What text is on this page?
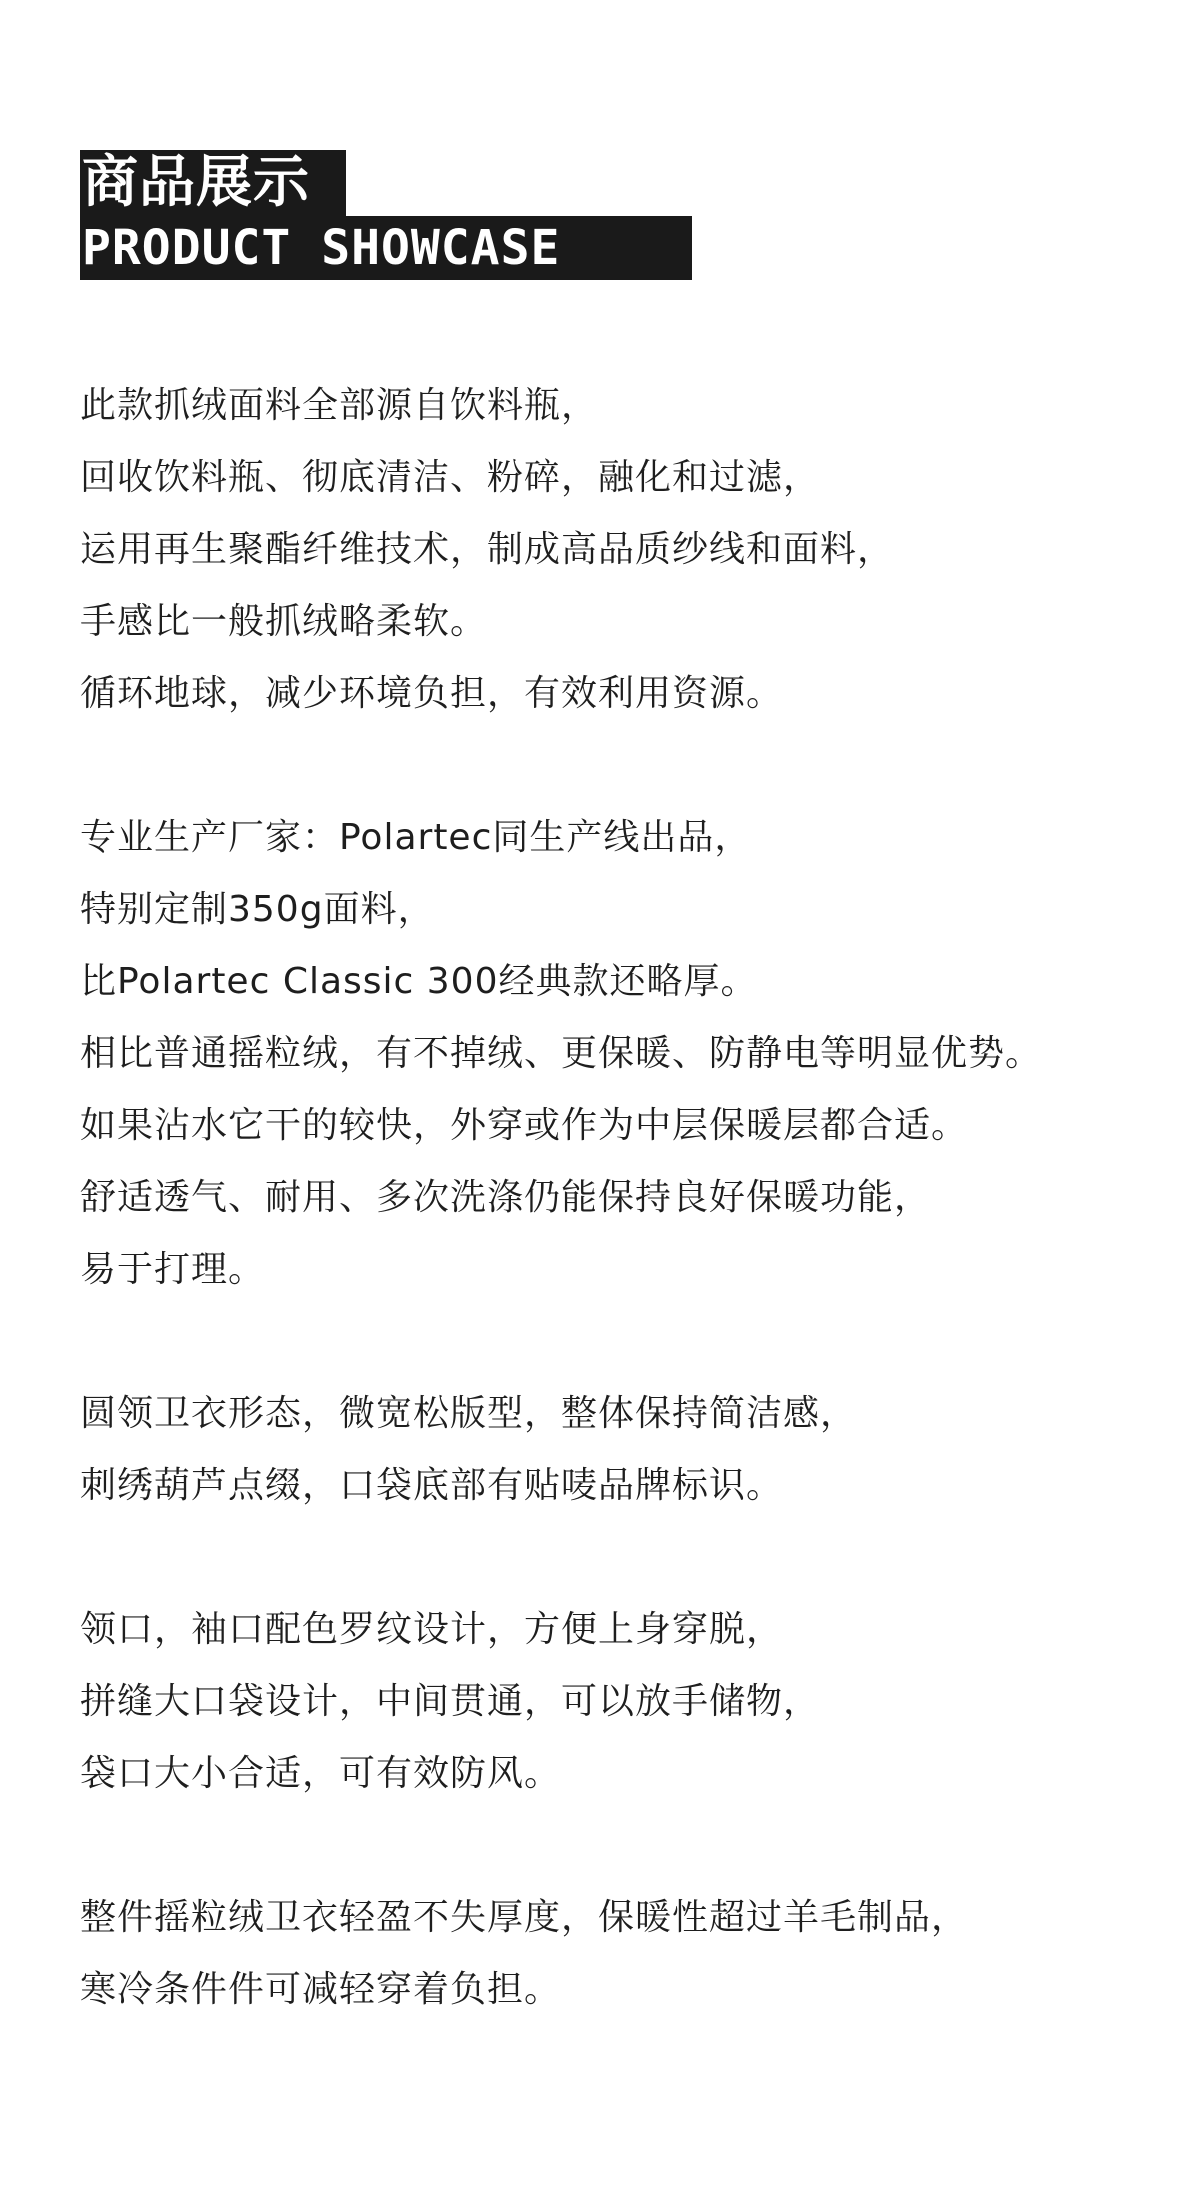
商品展示
PRODUCT SHOWCASE
此款抓绒面料全部源自饮料瓶，
回收饮料瓶、彻底清洁、粉碎，融化和过滤，
运用再生聚酯纤维技术，制成高品质纱线和面料，
手感比一般抓绒略柔软。
循环地球，减少环境负担，有效利用资源。
专业生产厂家：Polartec同生产线出品，
特别定制350g面料，
比Polartec Classic 300经典款还略厚。
相比普通摇粒绒，有不掉绒、更保暖、防静电等明显优势。
如果沾水它干的较快，外穿或作为中层保暖层都合适。
舒适透气、耐用、多次洗涤仍能保持良好保暖功能，
易于打理。
圆领卫衣形态，微宽松版型，整体保持简洁感，
刺绣葫芦点缀，口袋底部有贴唛品牌标识。
领口，袖口配色罗纹设计，方便上身穿脱，
拼缝大口袋设计，中间贯通，可以放手储物，
袋口大小合适，可有效防风。
整件摇粒绒卫衣轻盈不失厚度，保暖性超过羊毛制品，
寒冷条件件可减轻穿着负担。
